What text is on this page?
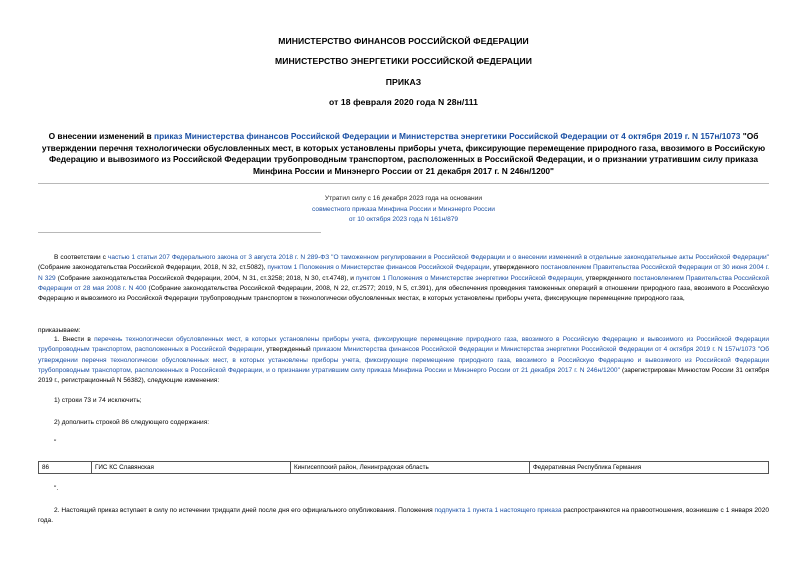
МИНИСТЕРСТВО ФИНАНСОВ РОССИЙСКОЙ ФЕДЕРАЦИИ
МИНИСТЕРСТВО ЭНЕРГЕТИКИ РОССИЙСКОЙ ФЕДЕРАЦИИ
ПРИКАЗ
от 18 февраля 2020 года N 28н/111
О внесении изменений в приказ Министерства финансов Российской Федерации и Министерства энергетики Российской Федерации от 4 октября 2019 г. N 157н/1073 "Об утверждении перечня технологически обусловленных мест, в которых установлены приборы учета, фиксирующие перемещение природного газа, ввозимого в Российскую Федерацию и вывозимого из Российской Федерации трубопроводным транспортом, расположенных в Российской Федерации, и о признании утратившим силу приказа Минфина России и Минэнерго России от 21 декабря 2017 г. N 246н/1200"
Утратил силу с 16 декабря 2023 года на основании
совместного приказа Минфина России и Минэнерго России
от 10 октября 2023 года N 161н/879
В соответствии с частью 1 статьи 207 Федерального закона от 3 августа 2018 г. N 289-ФЗ "О таможенном регулировании в Российской Федерации и о внесении изменений в отдельные законодательные акты Российской Федерации" (Собрание законодательства Российской Федерации, 2018, N 32, ст.5082), пунктом 1 Положения о Министерстве финансов Российской Федерации, утвержденного постановлением Правительства Российской Федерации от 30 июня 2004 г. N 329 (Собрание законодательства Российской Федерации, 2004, N 31, ст.3258; 2018, N 30, ст.4748), и пунктом 1 Положения о Министерстве энергетики Российской Федерации, утвержденного постановлением Правительства Российской Федерации от 28 мая 2008 г. N 400 (Собрание законодательства Российской Федерации, 2008, N 22, ст.2577; 2019, N 5, ст.391), для обеспечения проведения таможенных операций в отношении природного газа, ввозимого в Российскую Федерацию и вывозимого из Российской Федерации трубопроводным транспортом в технологически обусловленных местах, в которых установлены приборы учета, фиксирующие перемещение природного газа,
приказываем:
1. Внести в перечень технологически обусловленных мест, в которых установлены приборы учета, фиксирующие перемещение природного газа, ввозимого в Российскую Федерацию и вывозимого из Российской Федерации трубопроводным транспортом, расположенных в Российской Федерации, утвержденный приказом Министерства финансов Российской Федерации и Министерства энергетики Российской Федерации от 4 октября 2019 г. N 157н/1073 "Об утверждении перечня технологически обусловленных мест, в которых установлены приборы учета, фиксирующие перемещение природного газа, ввозимого в Российскую Федерацию и вывозимого из Российской Федерации трубопроводным транспортом, расположенных в Российской Федерации, и о признании утратившим силу приказа Минфина России и Минэнерго России от 21 декабря 2017 г. N 246н/1200" (зарегистрирован Минюстом России 31 октября 2019 г., регистрационный N 56382), следующие изменения:
1) строки 73 и 74 исключить;
2) дополнить строкой 86 следующего содержания:
"
86	ГИС КС Славянская	Кингисеппский район, Ленинградская область	Федеративная Республика Германия
".
2. Настоящий приказ вступает в силу по истечении тридцати дней после дня его официального опубликования. Положения подпункта 1 пункта 1 настоящего приказа распространяются на правоотношения, возникшие с 1 января 2020 года.
